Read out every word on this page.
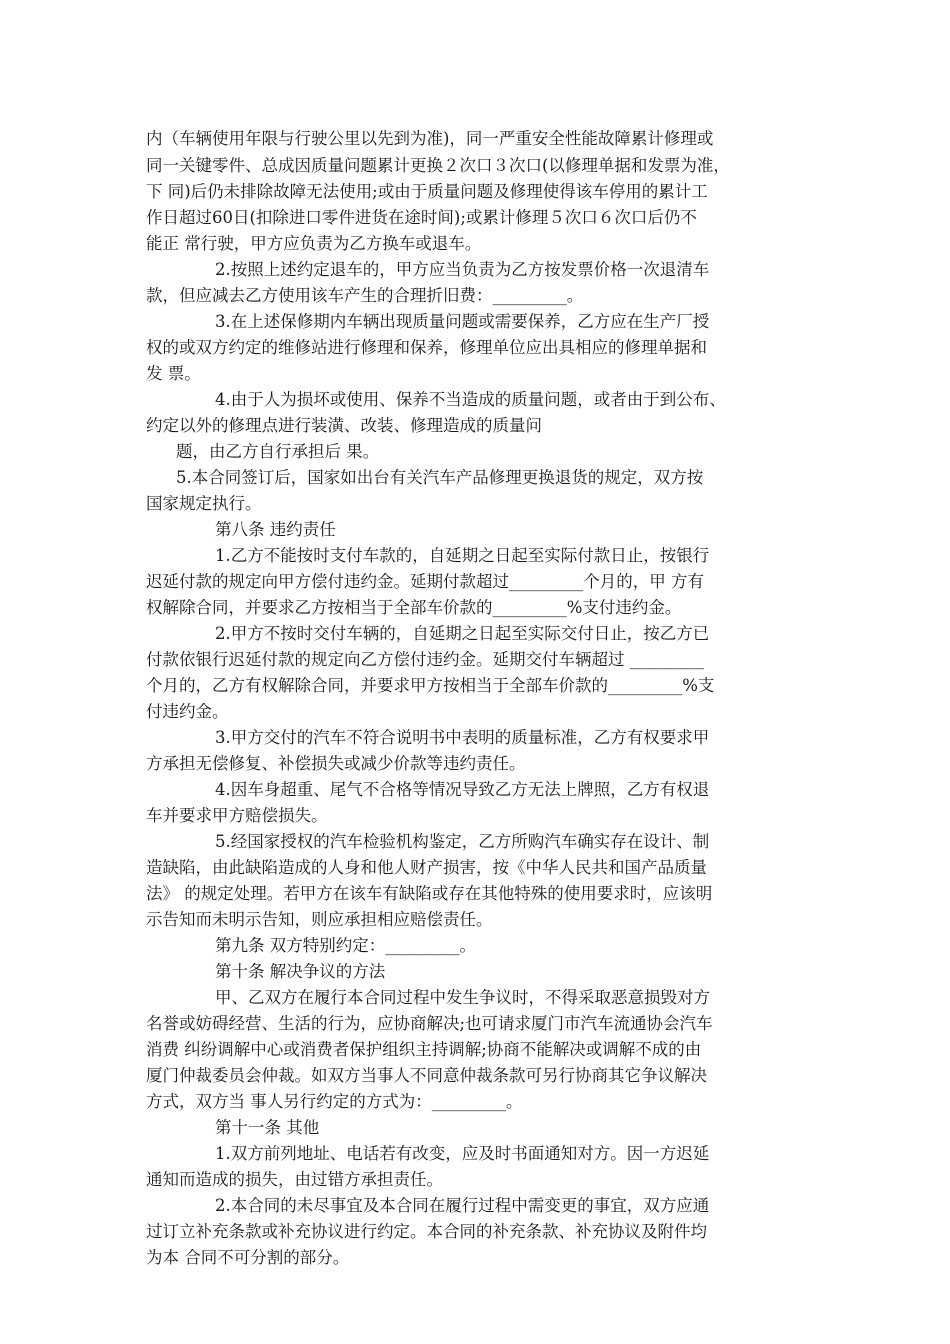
内（车辆使用年限与行驶公里以先到为准)，同一严重安全性能故障累计修理或
同一关键零件、总成因质量问题累计更换２次口３次口(以修理单据和发票为准，
下 同)后仍未排除故障无法使用;或由于质量问题及修理使得该车停用的累计工
作日超过60日(扣除进口零件进货在途时间);或累计修理５次口６次口后仍不
能正 常行驶，甲方应负责为乙方换车或退车。
2.按照上述约定退车的，甲方应当负责为乙方按发票价格一次退清车
款，但应减去乙方使用该车产生的合理折旧费：_________。
3.在上述保修期内车辆出现质量问题或需要保养，乙方应在生产厂授
权的或双方约定的维修站进行修理和保养，修理单位应出具相应的修理单据和
发 票。
4.由于人为损坏或使用、保养不当造成的质量问题，或者由于到公布、
约定以外的修理点进行装潢、改装、修理造成的质量问
题，由乙方自行承担后 果。
5.本合同签订后，国家如出台有关汽车产品修理更换退货的规定，双方按
国家规定执行。
第八条 违约责任
1.乙方不能按时支付车款的，自延期之日起至实际付款日止，按银行
迟延付款的规定向甲方偿付违约金。延期付款超过_________个月的，甲 方有
权解除合同，并要求乙方按相当于全部车价款的_________%支付违约金。
2.甲方不按时交付车辆的，自延期之日起至实际交付日止，按乙方已
付款依银行迟延付款的规定向乙方偿付违约金。延期交付车辆超过 _________
个月的，乙方有权解除合同，并要求甲方按相当于全部车价款的_________%支
付违约金。
3.甲方交付的汽车不符合说明书中表明的质量标准，乙方有权要求甲
方承担无偿修复、补偿损失或减少价款等违约责任。
4.因车身超重、尾气不合格等情况导致乙方无法上牌照，乙方有权退
车并要求甲方赔偿损失。
5.经国家授权的汽车检验机构鉴定，乙方所购汽车确实存在设计、制
造缺陷，由此缺陷造成的人身和他人财产损害，按《中华人民共和国产品质量
法》 的规定处理。若甲方在该车有缺陷或存在其他特殊的使用要求时，应该明
示告知而未明示告知，则应承担相应赔偿责任。
第九条 双方特别约定：_________。
第十条 解决争议的方法
甲、乙双方在履行本合同过程中发生争议时，不得采取恶意损毁对方
名誉或妨碍经营、生活的行为，应协商解决;也可请求厦门市汽车流通协会汽车
消费 纠纷调解中心或消费者保护组织主持调解;协商不能解决或调解不成的由
厦门仲裁委员会仲裁。如双方当事人不同意仲裁条款可另行协商其它争议解决
方式，双方当 事人另行约定的方式为：_________。
第十一条 其他
1.双方前列地址、电话若有改变，应及时书面通知对方。因一方迟延
通知而造成的损失，由过错方承担责任。
2.本合同的未尽事宜及本合同在履行过程中需变更的事宜，双方应通
过订立补充条款或补充协议进行约定。本合同的补充条款、补充协议及附件均
为本 合同不可分割的部分。
